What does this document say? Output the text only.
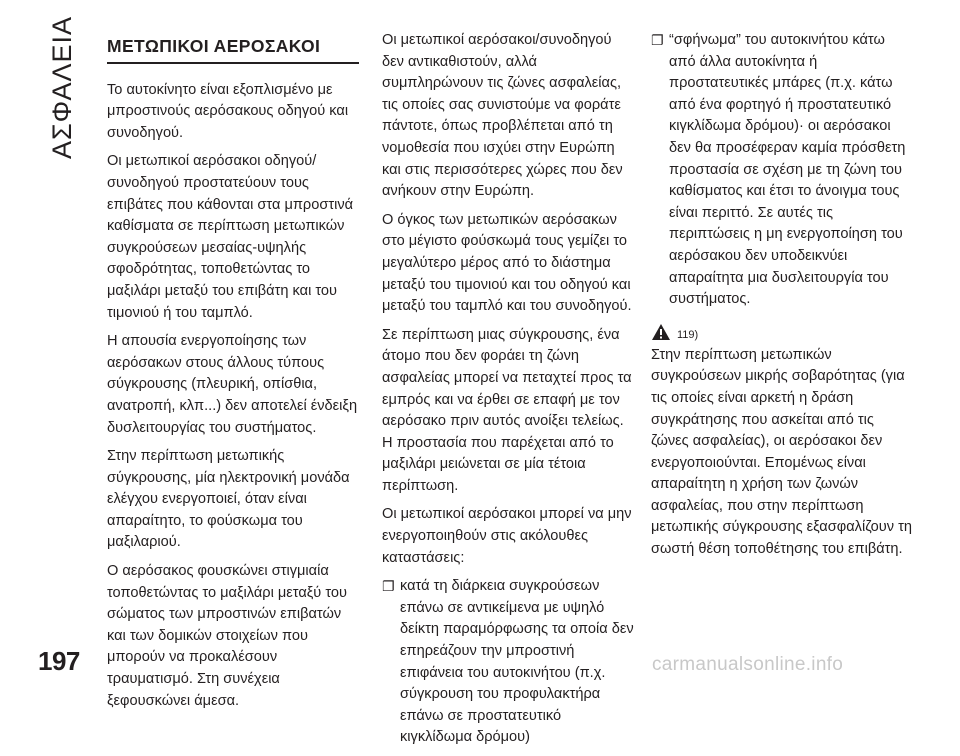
ΑΣΦΑΛΕΙΑ ΜΕΤΩΠΙΚΟΙ ΑΕΡΟΣΑΚΟΙ

Το αυτοκίνητο είναι εξοπλισμένο με μπροστινούς αερόσακους οδηγού και συνοδηγού.

Οι μετωπικοί αερόσακοι οδηγού/ συνοδηγού προστατεύουν τους επιβάτες που κάθονται στα μπροστινά καθίσματα σε περίπτωση μετωπικών συγκρούσεων μεσαίας-υψηλής σφοδρότητας, τοποθετώντας το μαξιλάρι μεταξύ του επιβάτη και του τιμονιού ή του ταμπλό.

Η απουσία ενεργοποίησης των αερόσακων στους άλλους τύπους σύγκρουσης (πλευρική, οπίσθια, ανατροπή, κλπ...) δεν αποτελεί ένδειξη δυσλειτουργίας του συστήματος.

Στην περίπτωση μετωπικής σύγκρουσης, μία ηλεκτρονική μονάδα ελέγχου ενεργοποιεί, όταν είναι απαραίτητο, το φούσκωμα του μαξιλαριού.

Ο αερόσακος φουσκώνει στιγμιαία τοποθετώντας το μαξιλάρι μεταξύ του σώματος των μπροστινών επιβατών και των δομικών στοιχείων που μπορούν να προκαλέσουν τραυματισμό. Στη συνέχεια ξεφουσκώνει άμεσα.

Οι μετωπικοί αερόσακοι/συνοδηγού δεν αντικαθιστούν, αλλά συμπληρώνουν τις ζώνες ασφαλείας, τις οποίες σας συνιστούμε να φοράτε πάντοτε, όπως προβλέπεται από τη νομοθεσία που ισχύει στην Ευρώπη και στις περισσότερες χώρες που δεν ανήκουν στην Ευρώπη.

Ο όγκος των μετωπικών αερόσακων στο μέγιστο φούσκωμά τους γεμίζει το μεγαλύτερο μέρος από το διάστημα μεταξύ του τιμονιού και του οδηγού και μεταξύ του ταμπλό και του συνοδηγού.

Σε περίπτωση μιας σύγκρουσης, ένα άτομο που δεν φοράει τη ζώνη ασφαλείας μπορεί να πεταχτεί προς τα εμπρός και να έρθει σε επαφή με τον αερόσακο πριν αυτός ανοίξει τελείως. Η προστασία που παρέχεται από το μαξιλάρι μειώνεται σε μία τέτοια περίπτωση.

Οι μετωπικοί αερόσακοι μπορεί να μην ενεργοποιηθούν στις ακόλουθες καταστάσεις:

❐ κατά τη διάρκεια συγκρούσεων επάνω σε αντικείμενα με υψηλό δείκτη παραμόρφωσης τα οποία δεν επηρεάζουν την μπροστινή επιφάνεια του αυτοκινήτου (π.χ. σύγκρουση του προφυλακτήρα επάνω σε προστατευτικό κιγκλίδωμα δρόμου)
❐ “σφήνωμα” του αυτοκινήτου κάτω από άλλα αυτοκίνητα ή προστατευτικές μπάρες (π.χ. κάτω από ένα φορτηγό ή προστατευτικό κιγκλίδωμα δρόμου)· οι αερόσακοι δεν θα προσέφεραν καμία πρόσθετη προστασία σε σχέση με τη ζώνη του καθίσματος και έτσι το άνοιγμα τους είναι περιττό. Σε αυτές τις περιπτώσεις η μη ενεργοποίηση του αερόσακου δεν υποδεικνύει απαραίτητα μια δυσλειτουργία του συστήματος.
119)

Στην περίπτωση μετωπικών συγκρούσεων μικρής σοβαρότητας (για τις οποίες είναι αρκετή η δράση συγκράτησης που ασκείται από τις ζώνες ασφαλείας), οι αερόσακοι δεν ενεργοποιούνται. Επομένως είναι απαραίτητη η χρήση των ζωνών ασφαλείας, που στην περίπτωση μετωπικής σύγκρουσης εξασφαλίζουν τη σωστή θέση τοποθέτησης του επιβάτη.

197	carmanualsonline.info
